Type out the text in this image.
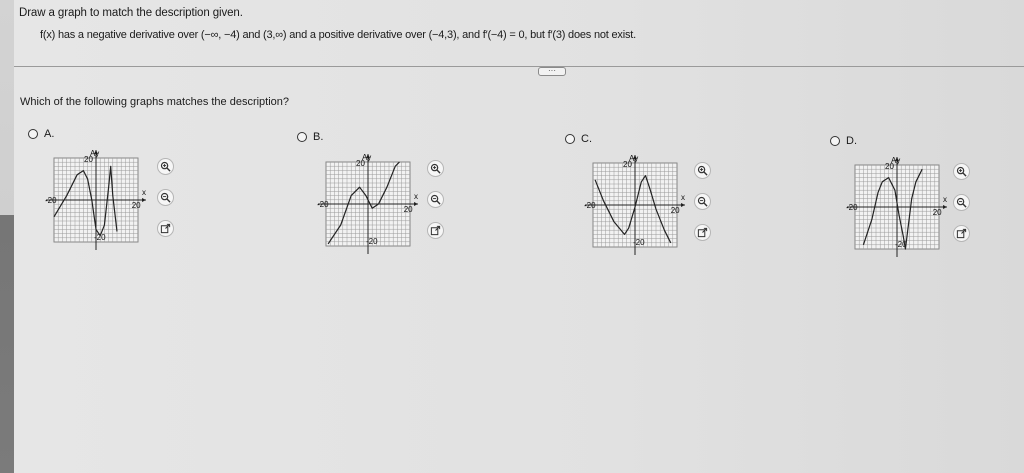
Draw a graph to match the description given.
f(x) has a negative derivative over (−∞, −4) and (3,∞) and a positive derivative over (−4,3), and f′(−4) = 0, but f′(3) does not exist.
···
Which of the following graphs matches the description?
A.	B.	C.	D.
Ay
x
20
-20
20
-20
Ay
x
20
-20
20
-20
Ay
x
20
-20
20
-20
Ay
x
20
-20
20
-20
